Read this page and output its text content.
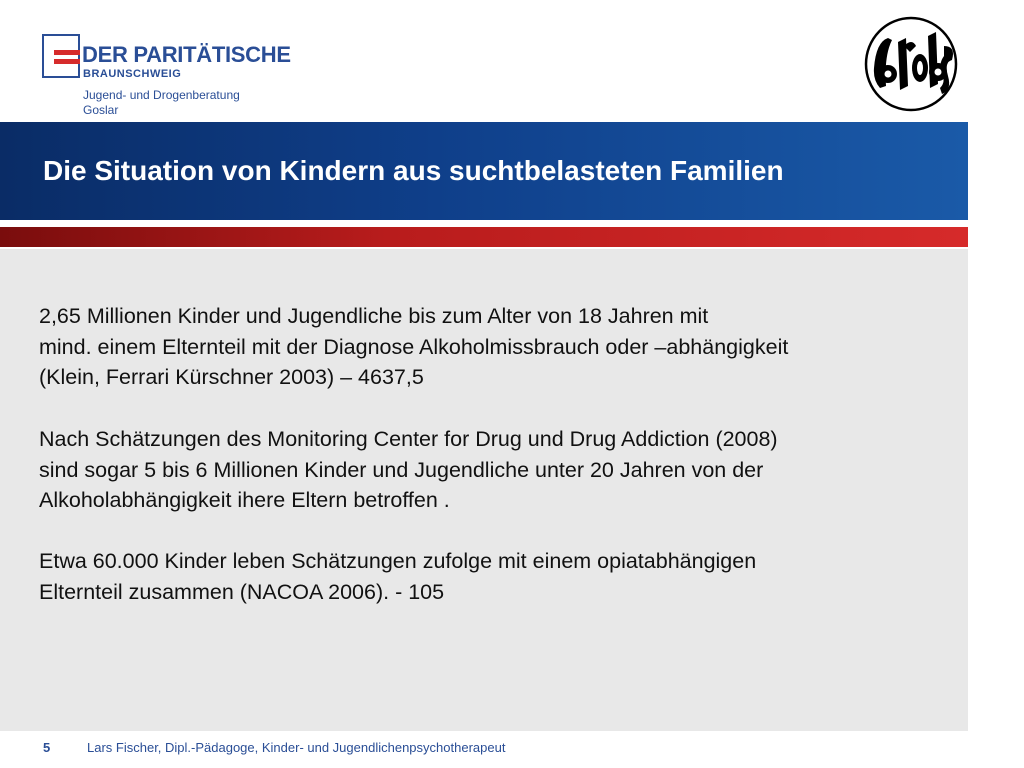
DER PARITÄTISCHE
BRAUNSCHWEIG
Jugend- und Drogenberatung
Goslar
Die Situation von Kindern aus suchtbelasteten Familien

2,65 Millionen Kinder und Jugendliche bis zum Alter von 18 Jahren mit
mind. einem Elternteil mit der Diagnose Alkoholmissbrauch oder –abhängigkeit
(Klein, Ferrari Kürschner 2003) – 4637,5

Nach Schätzungen des Monitoring Center for Drug und Drug Addiction (2008)
sind sogar 5 bis 6 Millionen Kinder und Jugendliche unter 20 Jahren von der
Alkoholabhängigkeit ihere Eltern betroffen .

Etwa 60.000 Kinder leben Schätzungen zufolge mit einem opiatabhängigen
Elternteil zusammen (NACOA 2006). - 105

5	Lars Fischer, Dipl.-Pädagoge, Kinder- und Jugendlichenpsychotherapeut
